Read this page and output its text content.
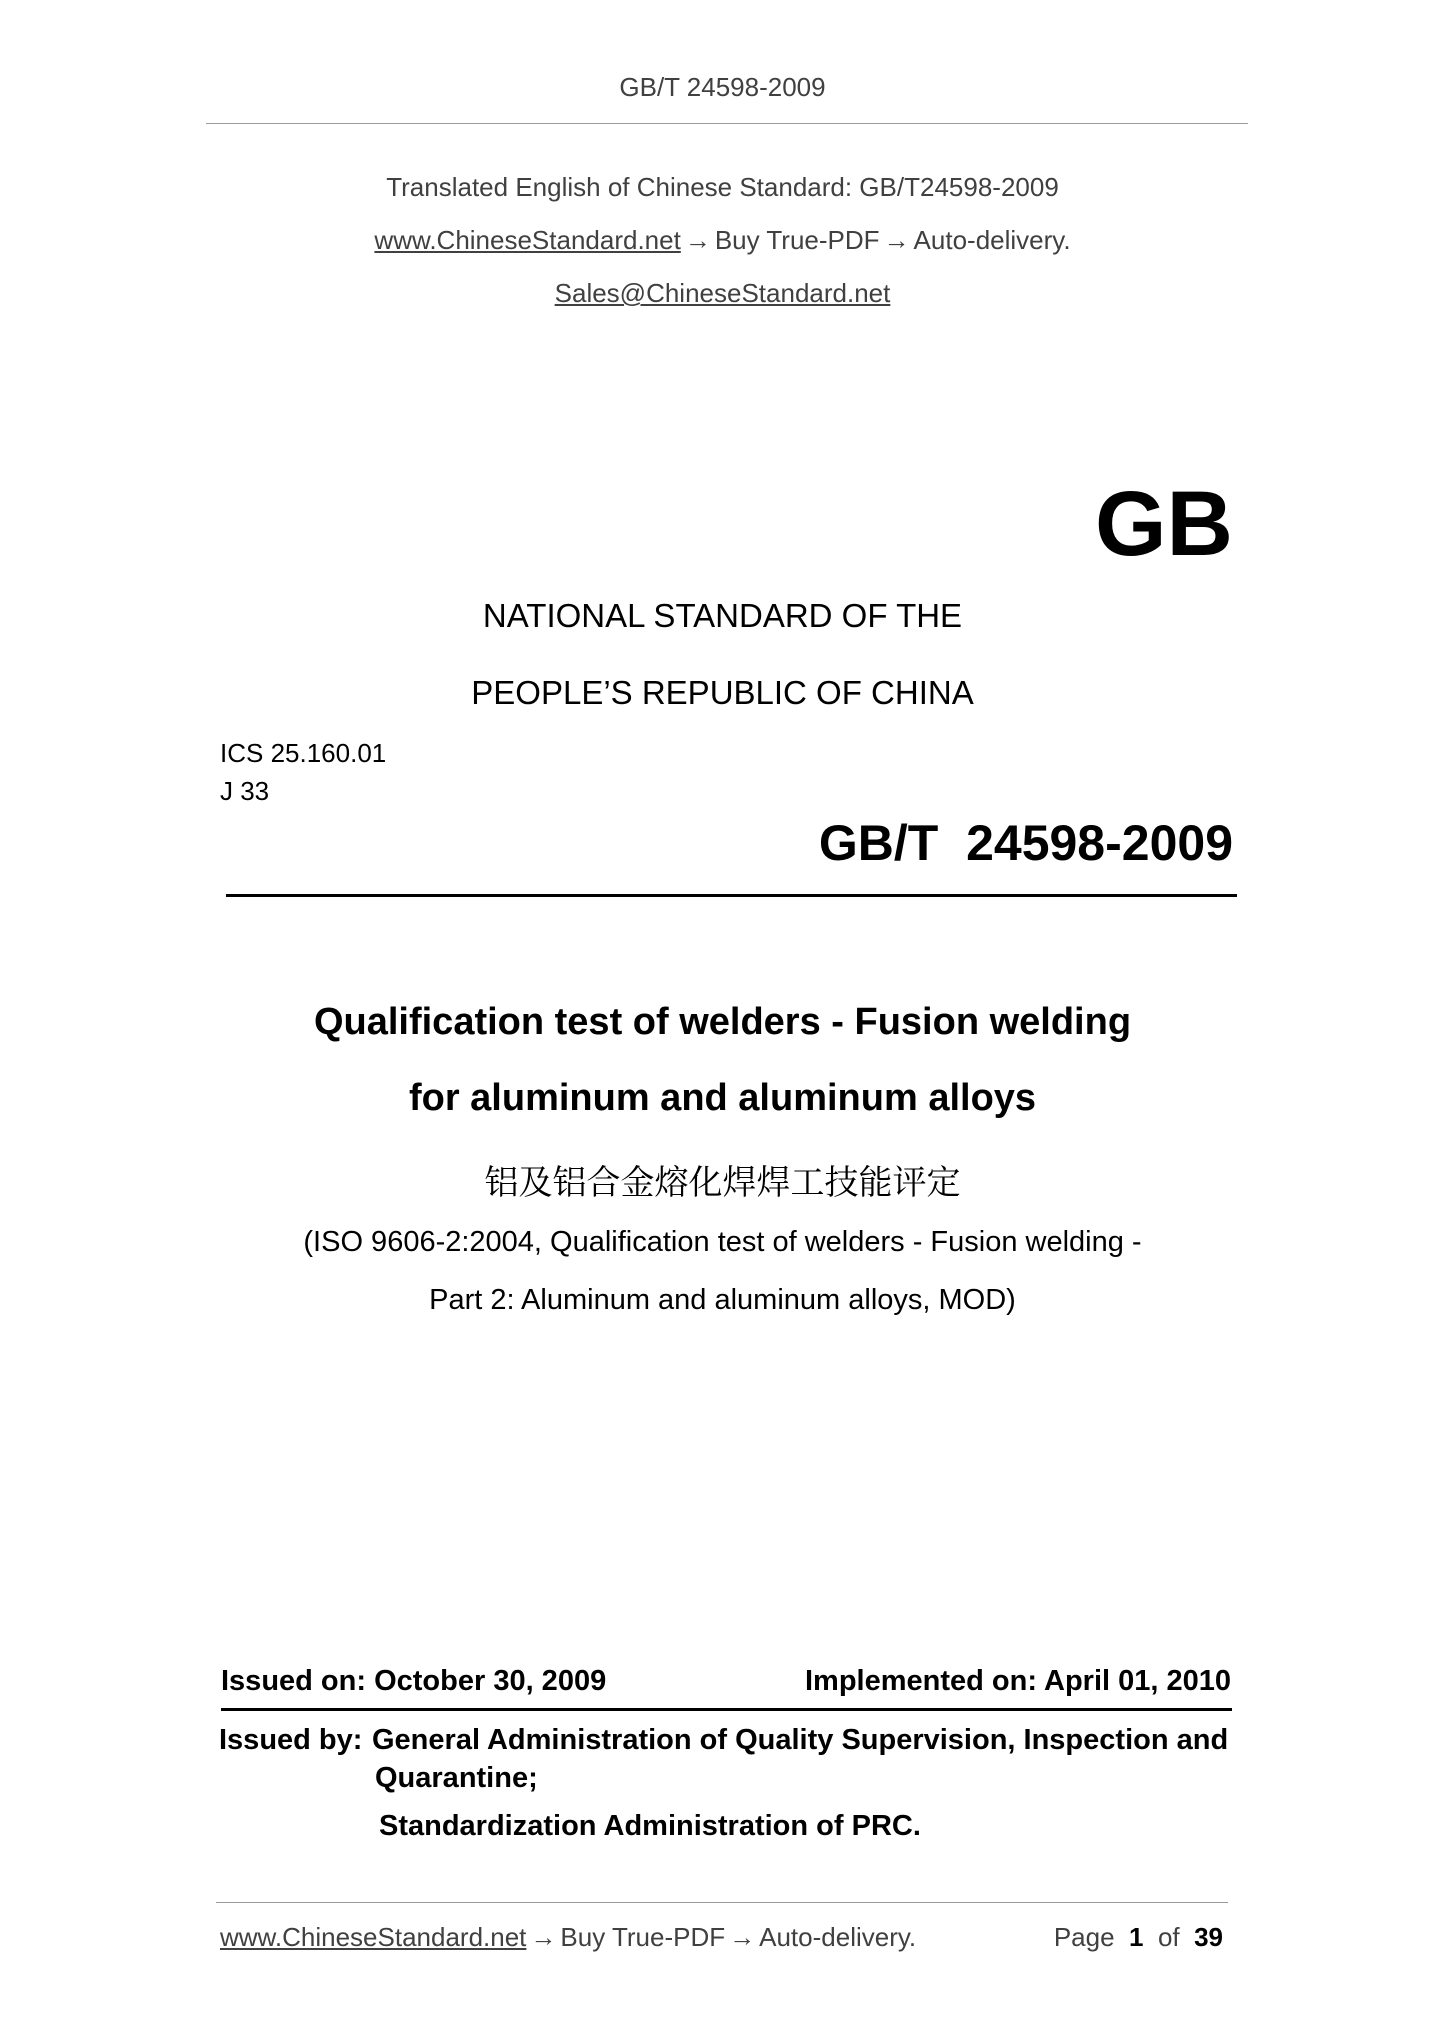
GB/T 24598-2009
Translated English of Chinese Standard: GB/T24598-2009
www.ChineseStandard.net → Buy True-PDF → Auto-delivery.
Sales@ChineseStandard.net
GB
NATIONAL STANDARD OF THE
PEOPLE’S REPUBLIC OF CHINA
ICS 25.160.01
J 33
GB/T  24598-2009
Qualification test of welders - Fusion welding
for aluminum and aluminum alloys
铝及铝合金熔化焊焊工技能评定
(ISO 9606-2:2004, Qualification test of welders - Fusion welding -
Part 2: Aluminum and aluminum alloys, MOD)
Issued on: October 30, 2009	Implemented on: April 01, 2010
Issued by: General Administration of Quality Supervision, Inspection and
Quarantine;
Standardization Administration of PRC.
www.ChineseStandard.net → Buy True-PDF → Auto-delivery.	Page 1 of 39
